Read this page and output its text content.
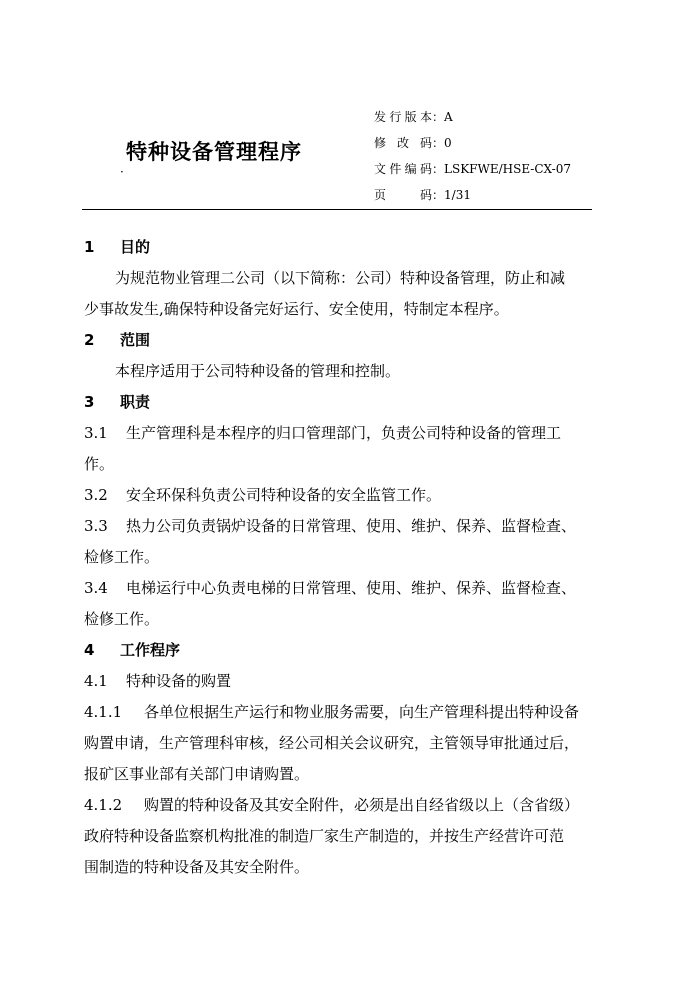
特种设备管理程序
·
发行版本：A
修 改 码：0
文件编码：LSKFWE/HSE-CX-07
页 码：1/31
1 目的
为规范物业管理二公司（以下简称：公司）特种设备管理，防止和减
少事故发生,确保特种设备完好运行、安全使用，特制定本程序。
2 范围
本程序适用于公司特种设备的管理和控制。
3 职责
3.1 生产管理科是本程序的归口管理部门，负责公司特种设备的管理工
作。
3.2 安全环保科负责公司特种设备的安全监管工作。
3.3 热力公司负责锅炉设备的日常管理、使用、维护、保养、监督检查、
检修工作。
3.4 电梯运行中心负责电梯的日常管理、使用、维护、保养、监督检查、
检修工作。
4 工作程序
4.1 特种设备的购置
4.1.1 各单位根据生产运行和物业服务需要，向生产管理科提出特种设备
购置申请，生产管理科审核，经公司相关会议研究，主管领导审批通过后，
报矿区事业部有关部门申请购置。
4.1.2 购置的特种设备及其安全附件，必须是出自经省级以上（含省级）
政府特种设备监察机构批准的制造厂家生产制造的，并按生产经营许可范
围制造的特种设备及其安全附件。
